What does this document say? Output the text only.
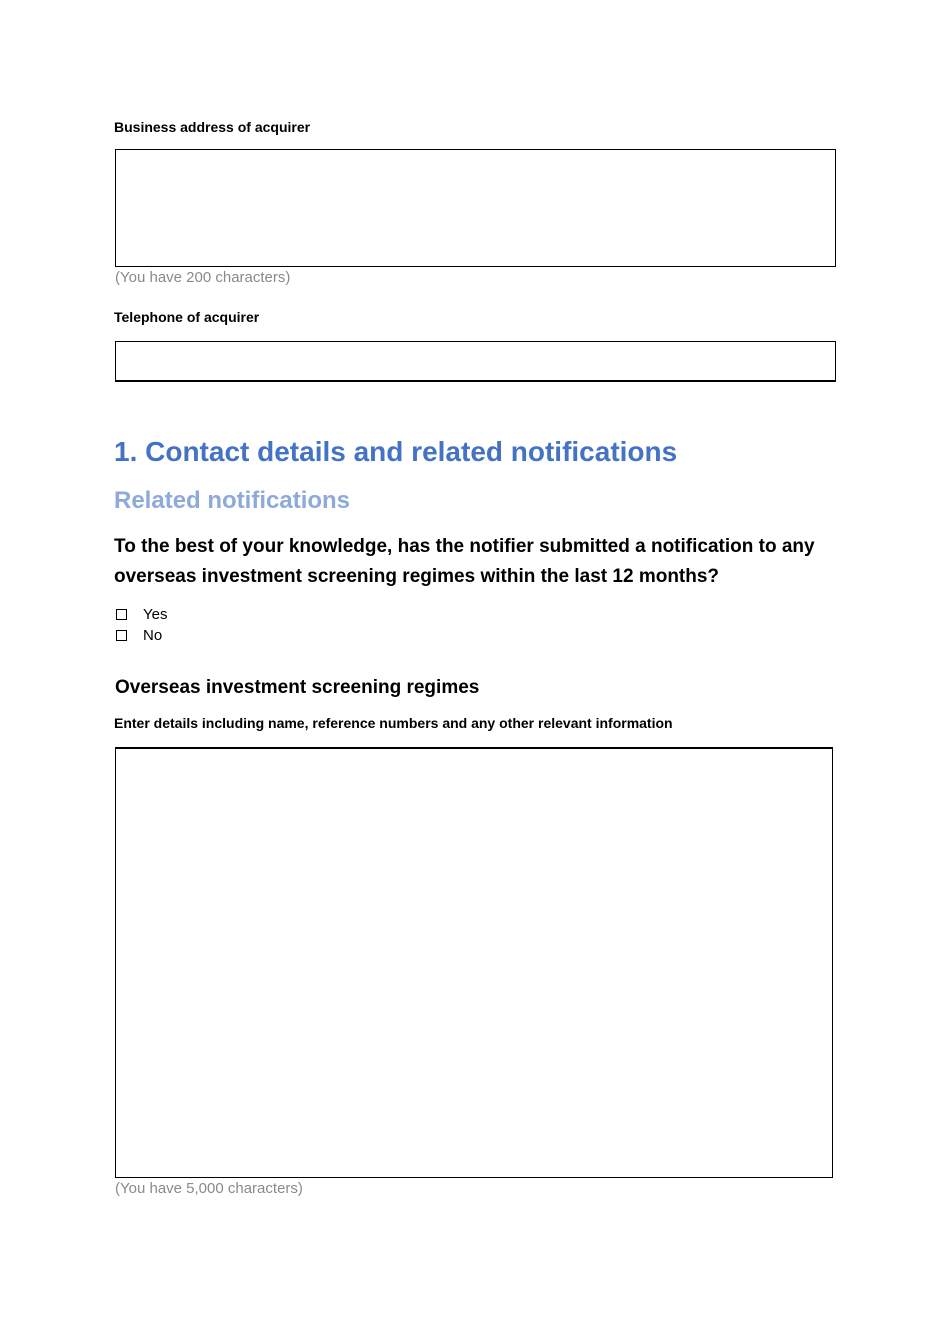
Business address of acquirer
(You have 200 characters)
Telephone of acquirer
1. Contact details and related notifications
Related notifications
To the best of your knowledge, has the notifier submitted a notification to any overseas investment screening regimes within the last 12 months?
Yes
No
Overseas investment screening regimes
Enter details including name, reference numbers and any other relevant information
(You have 5,000 characters)
